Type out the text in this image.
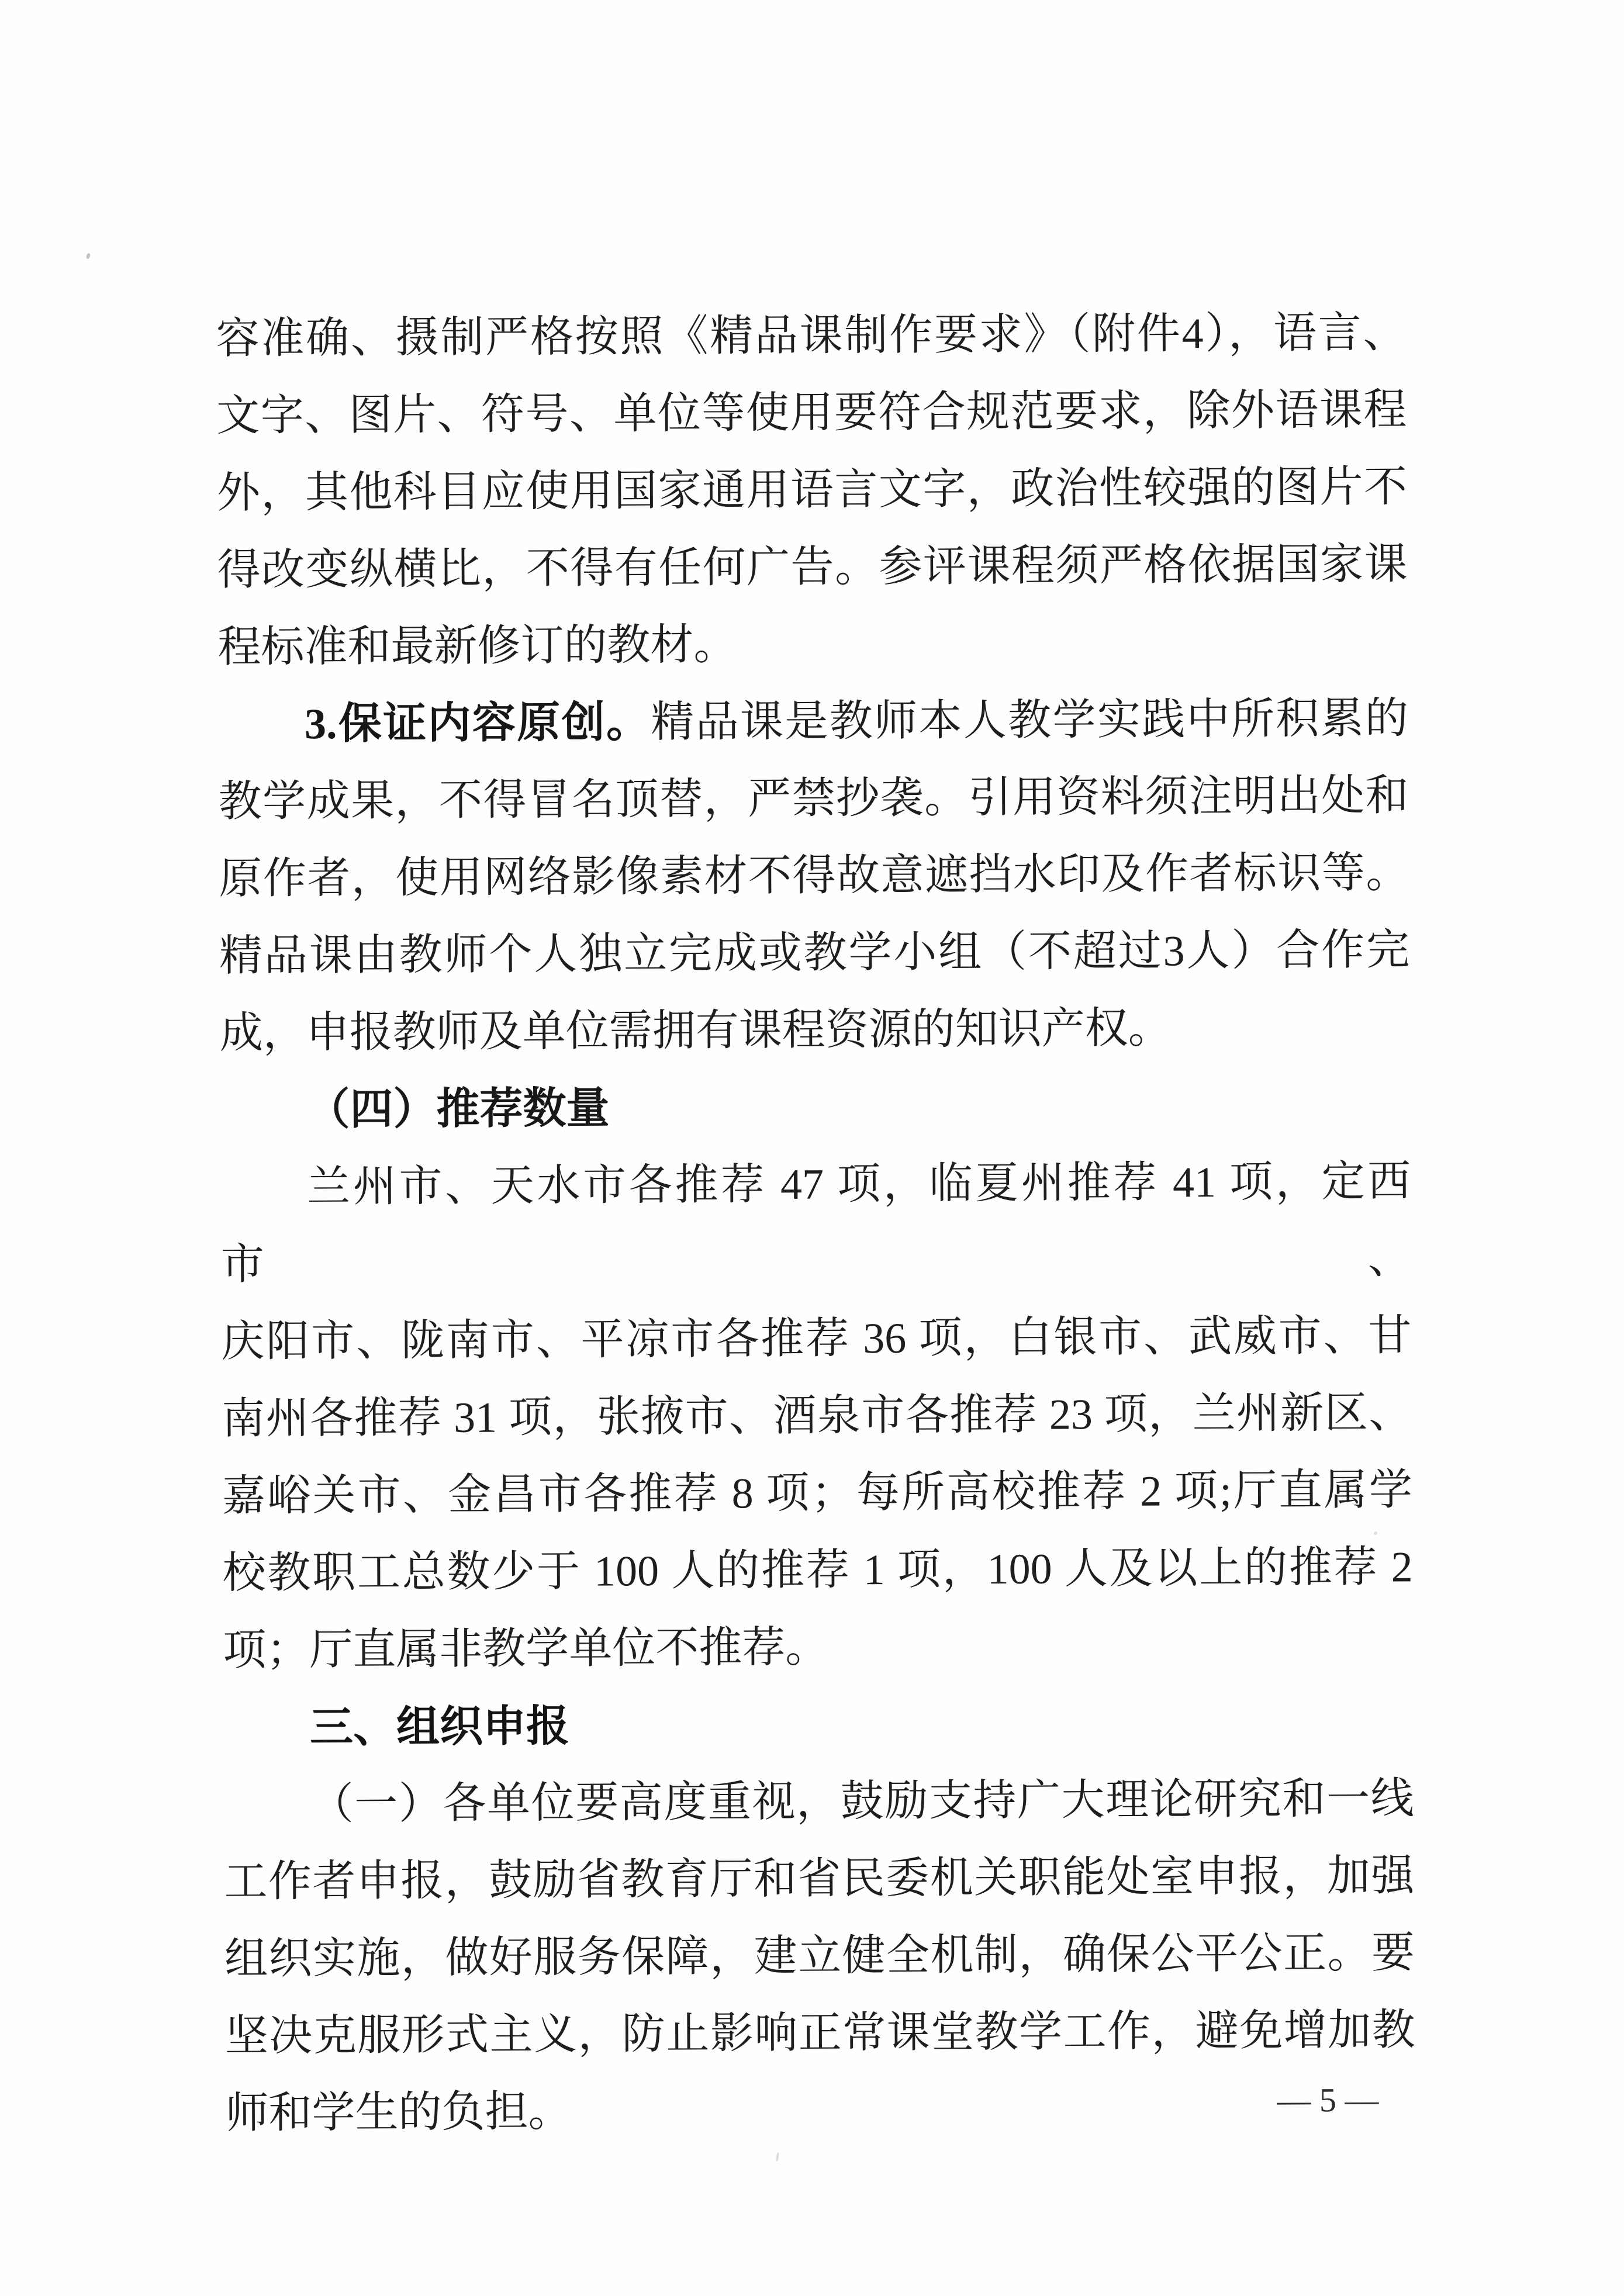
容准确、摄制严格按照《精品课制作要求》（附件4），语言、
文字、图片、符号、单位等使用要符合规范要求，除外语课程
外，其他科目应使用国家通用语言文字，政治性较强的图片不
得改变纵横比，不得有任何广告。参评课程须严格依据国家课
程标准和最新修订的教材。
3.保证内容原创。精品课是教师本人教学实践中所积累的
教学成果，不得冒名顶替，严禁抄袭。引用资料须注明出处和
原作者，使用网络影像素材不得故意遮挡水印及作者标识等。
精品课由教师个人独立完成或教学小组（不超过3人）合作完
成，申报教师及单位需拥有课程资源的知识产权。
（四）推荐数量
兰州市、天水市各推荐 47 项，临夏州推荐 41 项，定西市、
庆阳市、陇南市、平凉市各推荐 36 项，白银市、武威市、甘
南州各推荐 31 项，张掖市、酒泉市各推荐 23 项，兰州新区、
嘉峪关市、金昌市各推荐 8 项；每所高校推荐 2 项;厅直属学
校教职工总数少于 100 人的推荐 1 项，100 人及以上的推荐 2
项；厅直属非教学单位不推荐。
三、组织申报
（一）各单位要高度重视，鼓励支持广大理论研究和一线
工作者申报，鼓励省教育厅和省民委机关职能处室申报，加强
组织实施，做好服务保障，建立健全机制，确保公平公正。要
坚决克服形式主义，防止影响正常课堂教学工作，避免增加教
师和学生的负担。	— 5 —
